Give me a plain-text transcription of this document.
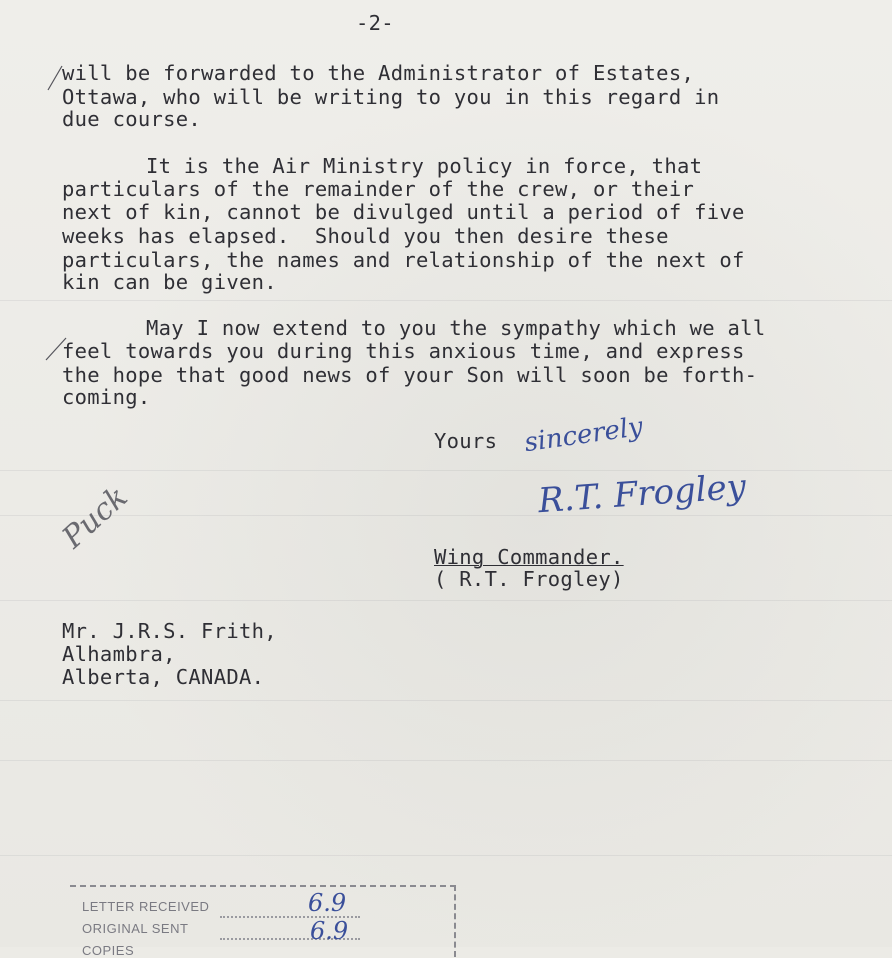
-2-
will be forwarded to the Administrator of Estates,
Ottawa, who will be writing to you in this regard in
due course.
It is the Air Ministry policy in force, that
particulars of the remainder of the crew, or their
next of kin, cannot be divulged until a period of five
weeks has elapsed.  Should you then desire these
particulars, the names and relationship of the next of
kin can be given.
May I now extend to you the sympathy which we all
feel towards you during this anxious time, and express
the hope that good news of your Son will soon be forth-
coming.
Yours sincerely
R.T. Frogley
Puck
Wing Commander.
( R.T. Frogley)
Mr. J.R.S. Frith,
Alhambra,
Alberta, CANADA.
LETTER RECEIVED	6.9
ORIGINAL SENT	6.9
COPIES
